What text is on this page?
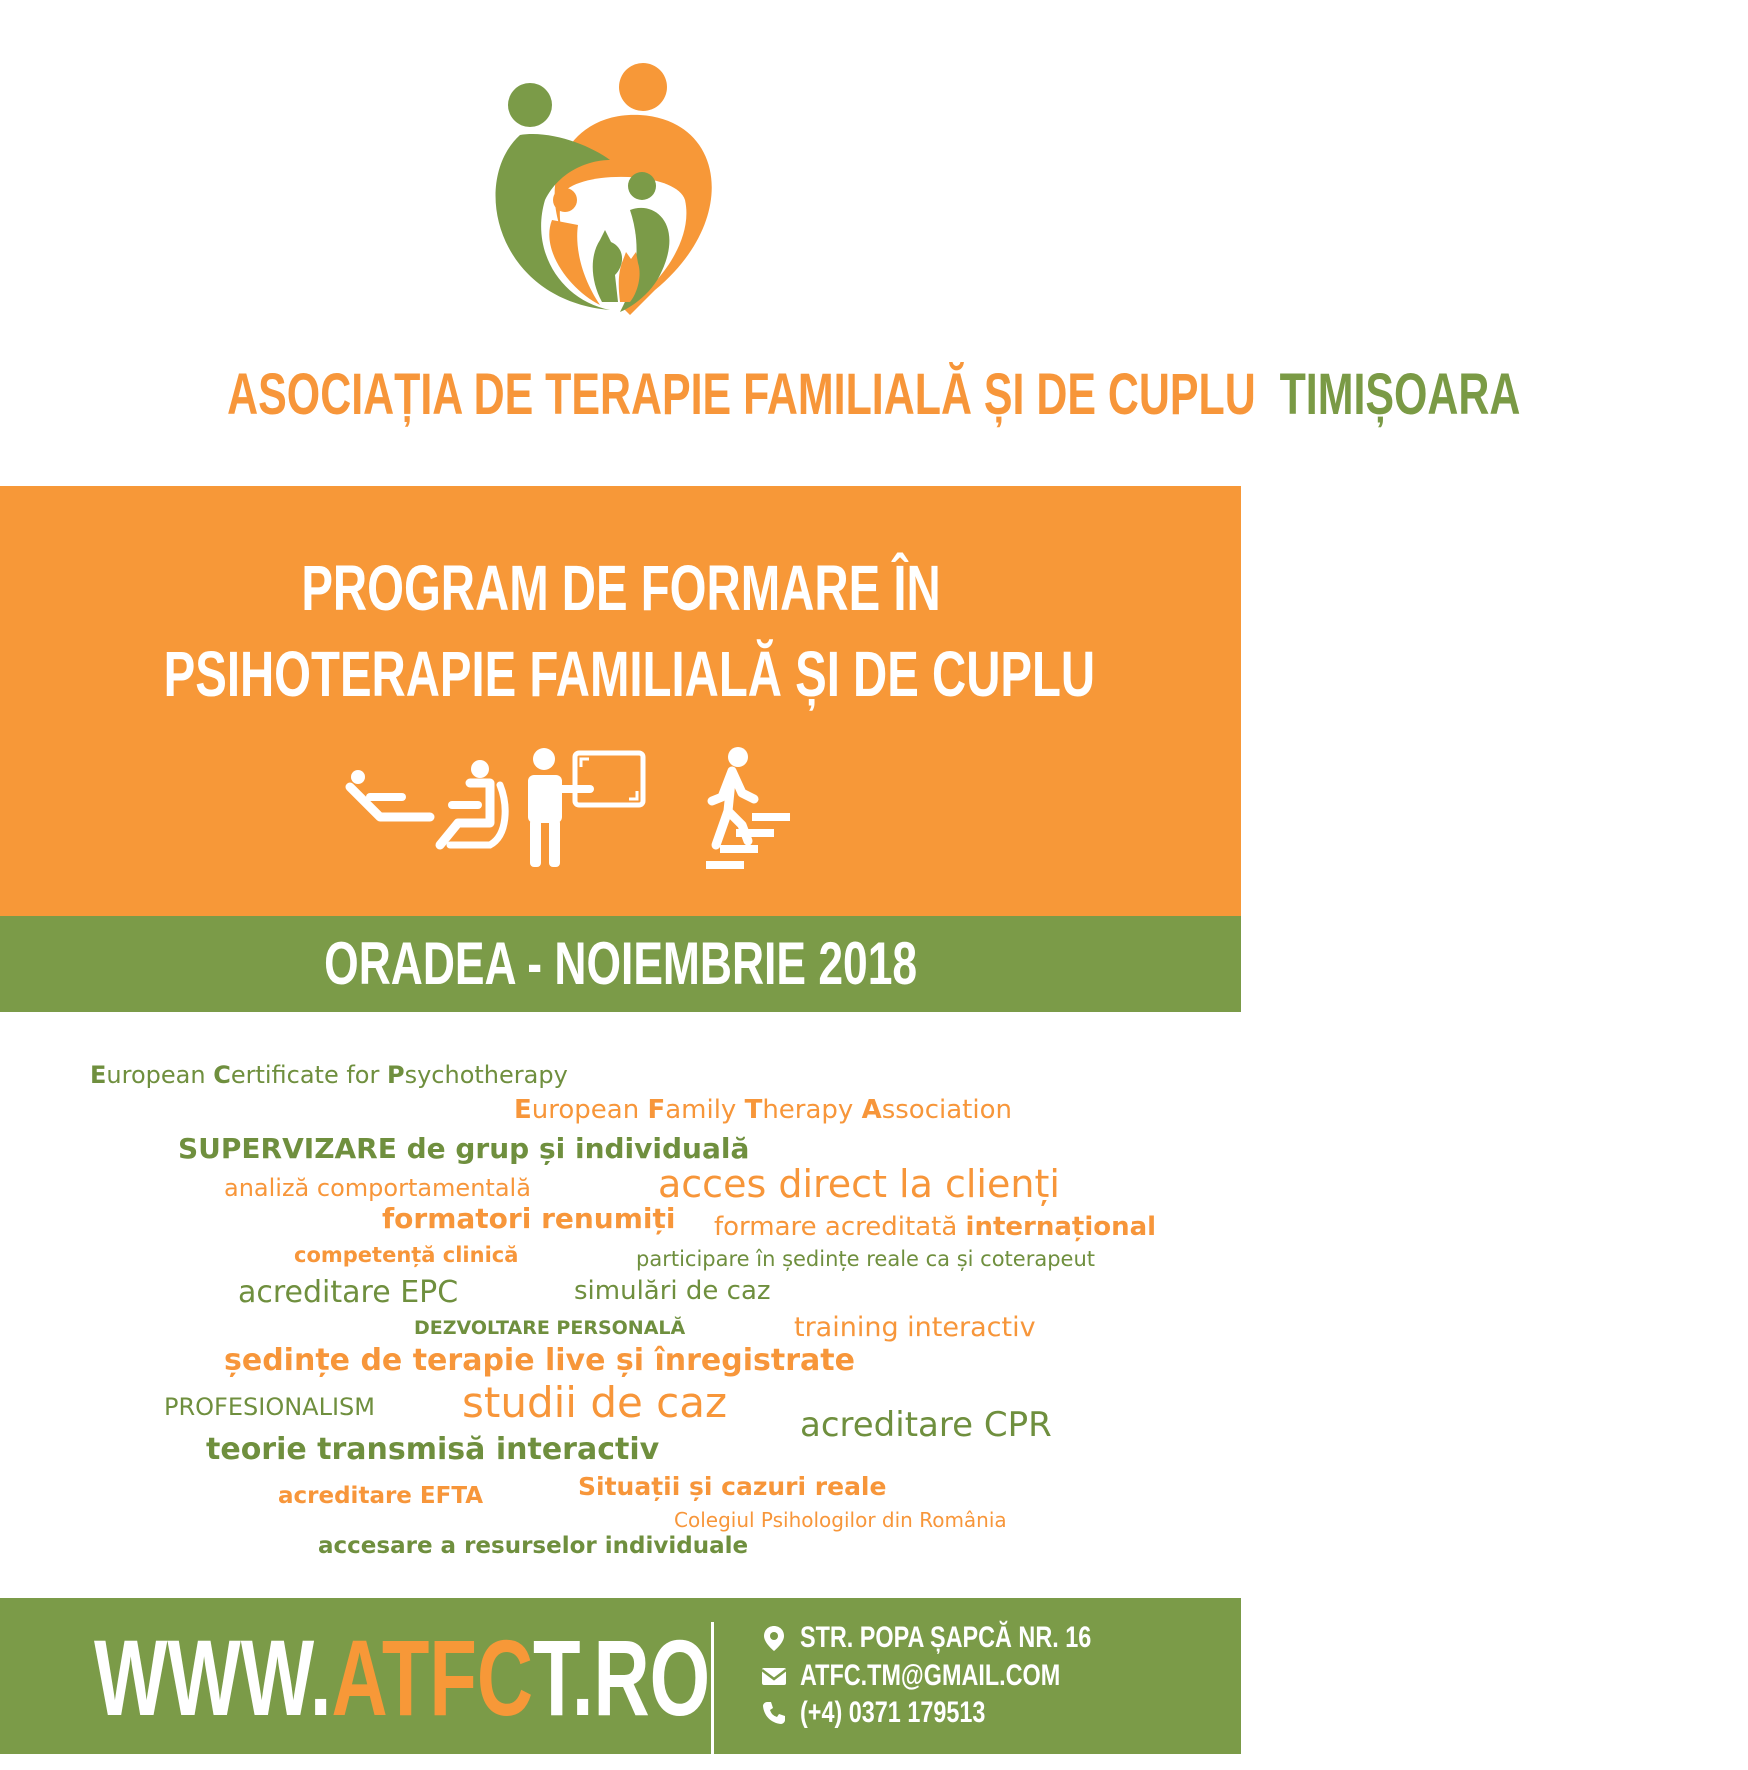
ASOCIAȚIA DE TERAPIE FAMILIALĂ ȘI DE CUPLU TIMIȘOARA
PROGRAM DE FORMARE ÎN
PSIHOTERAPIE FAMILIALĂ ȘI DE CUPLU
ORADEA - NOIEMBRIE 2018
European Certificate for Psychotherapy
European Family Therapy Association
SUPERVIZARE de grup și individuală
analiză comportamentală	acces direct la clienți
formatori renumiți formare acreditată internațional
competență clinică	participare în ședințe reale ca și coterapeut
acreditare EPC	simulări de caz
DEZVOLTARE PERSONALĂ	training interactiv
ședințe de terapie live și înregistrate
PROFESIONALISM studii de caz acreditare CPR
teorie transmisă interactiv
acreditare EFTA	Situații și cazuri reale
Colegiul Psihologilor din România
accesare a resurselor individuale
WWW.ATFCT.RO	STR. POPA ȘAPCĂ NR. 16
ATFC.TM@GMAIL.COM
(+4) 0371 179513
